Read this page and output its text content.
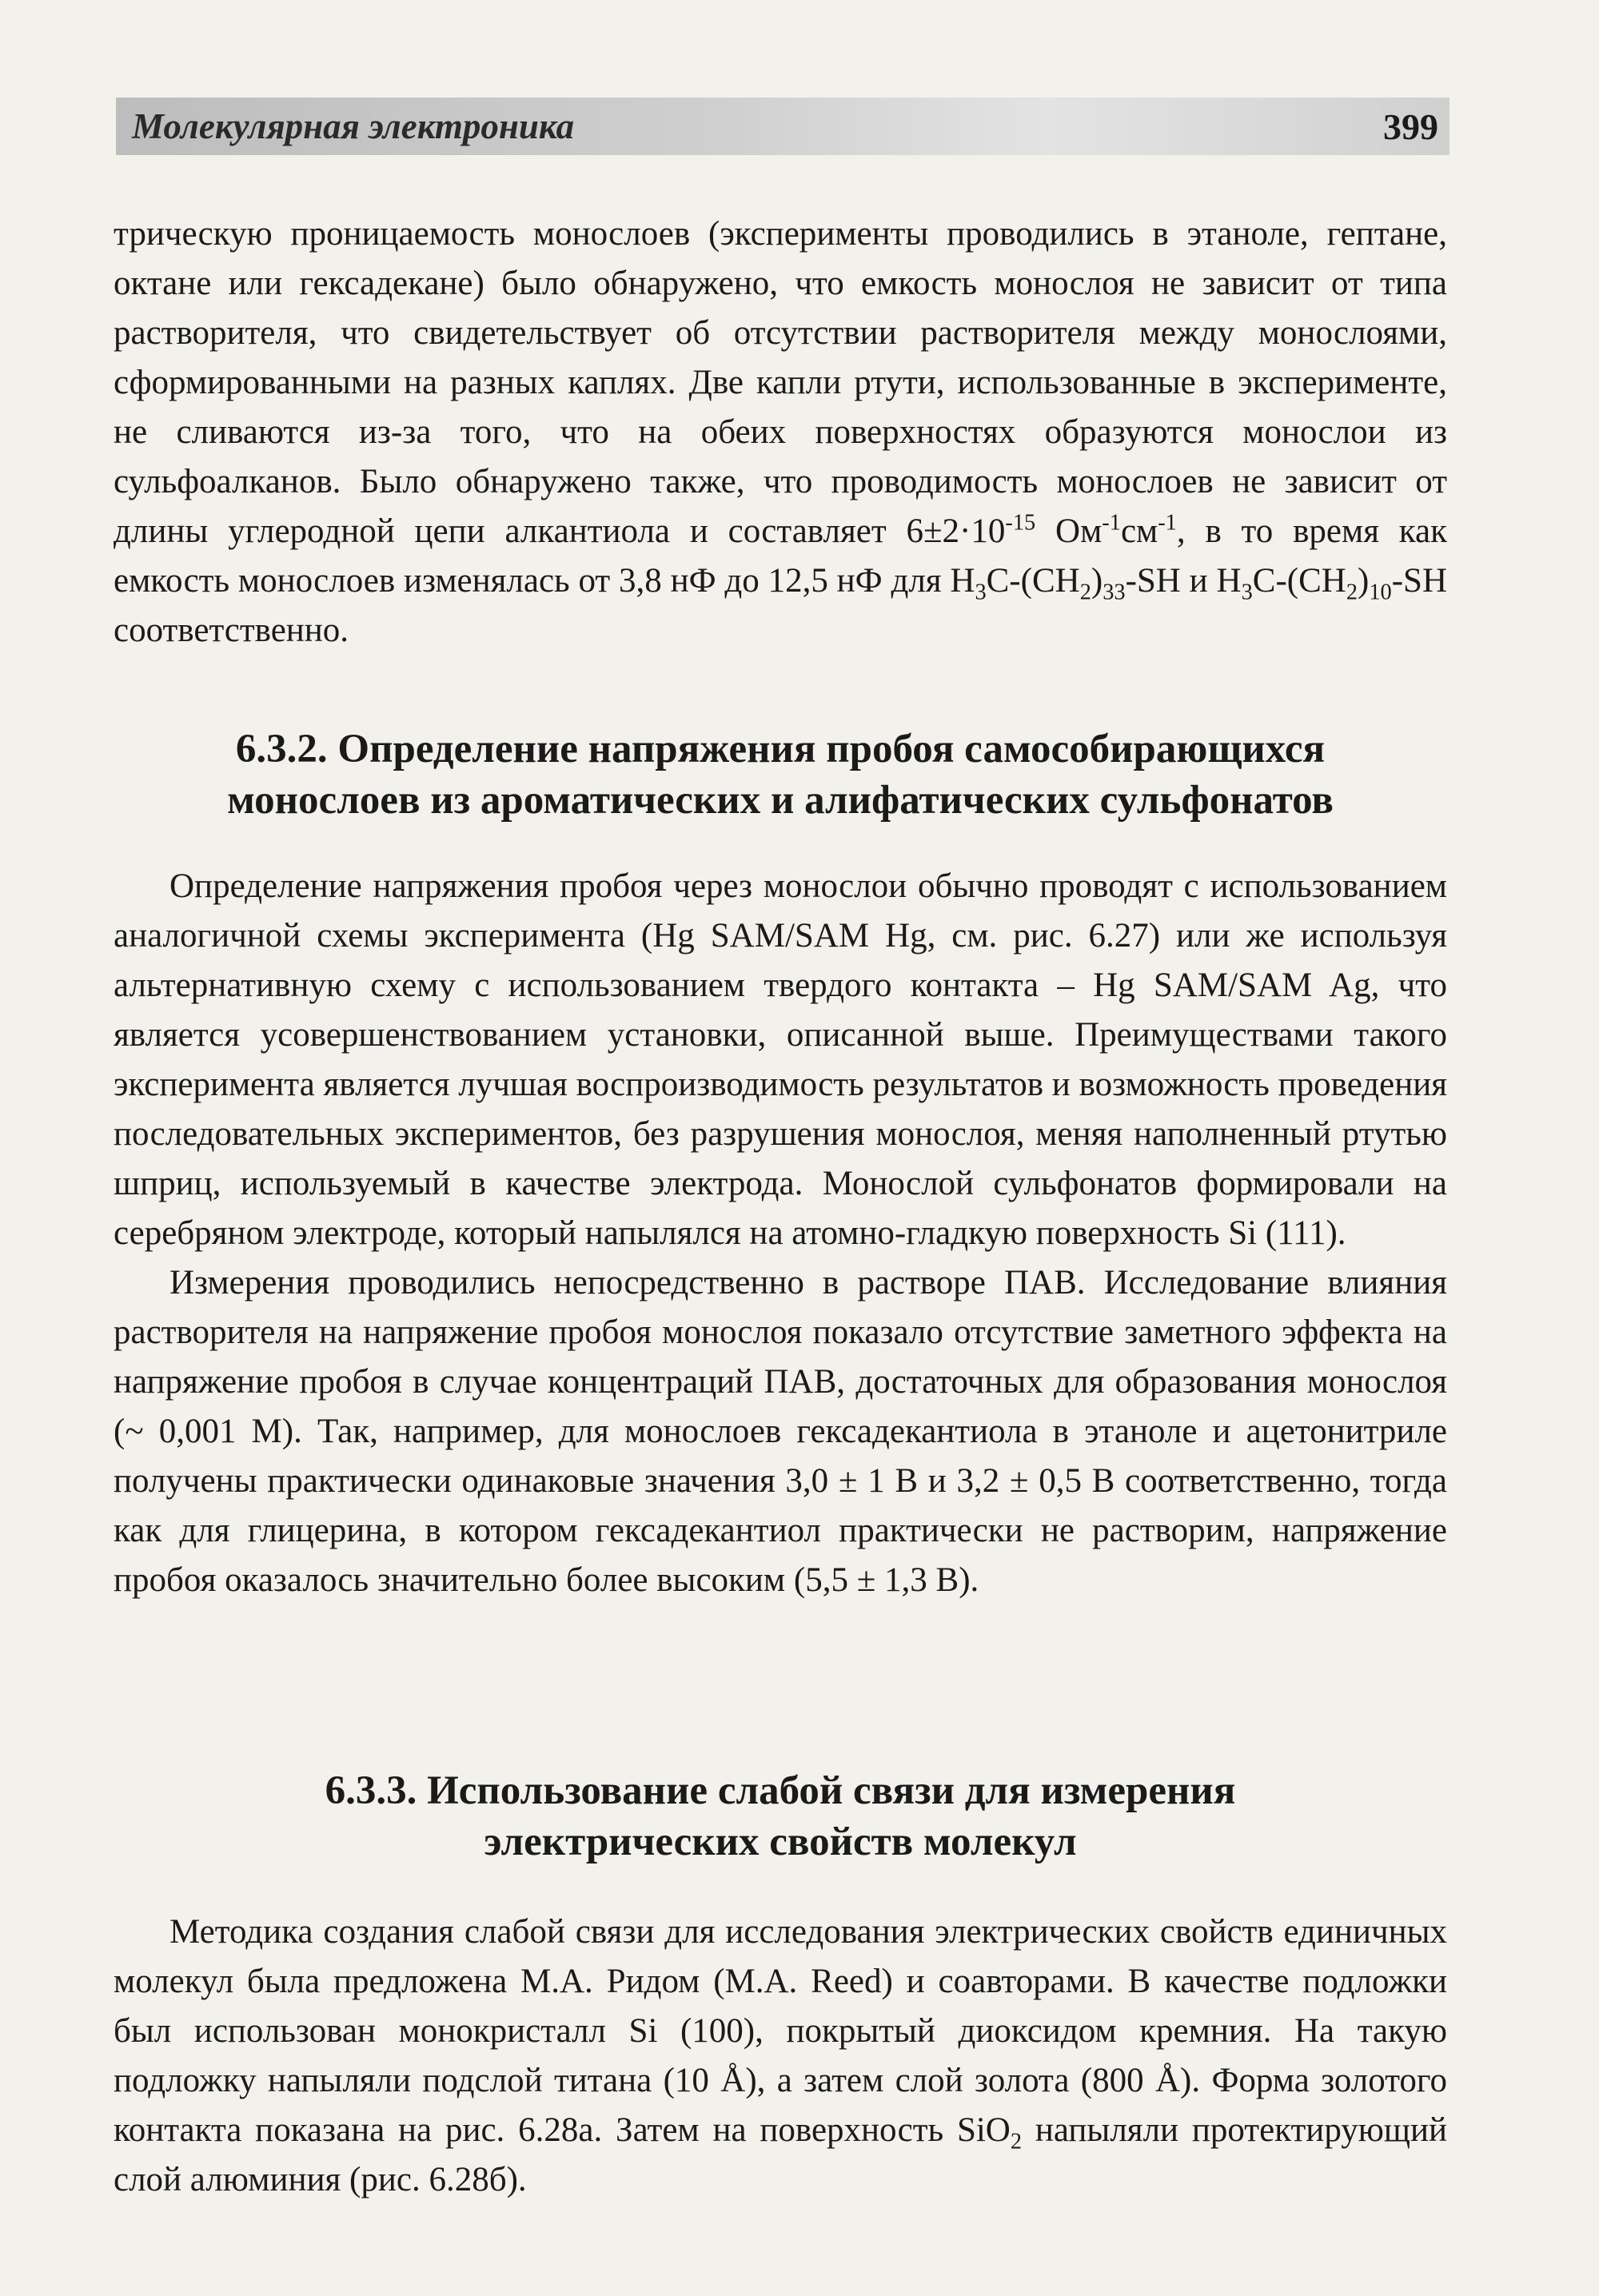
Молекулярная электроника	399

трическую проницаемость монослоев (эксперименты проводились в этаноле, гептане, октане или гексадекане) было обнаружено, что емкость монослоя не зависит от типа растворителя, что свидетельствует об отсутствии растворителя между монослоями, сформированными на разных каплях. Две капли ртути, использованные в эксперименте, не сливаются из-за того, что на обеих поверхностях образуются монослои из сульфоалканов. Было обнаружено также, что проводимость монослоев не зависит от длины углеродной цепи алкантиола и составляет $6\pm 2\cdot 10^{-15}$ $Ом^{-1}см^{-1}$, в то время как емкость монослоев изменялась от 3,8 нФ до 12,5 нФ для $H_3C-(CH_2)_{33}-SH$ и $H_3C-(CH_2)_{10}-SH$ соответственно.

6.3.2. Определение напряжения пробоя самособирающихся
монослоев из ароматических и алифатических сульфонатов

Определение напряжения пробоя через монослои обычно проводят с использованием аналогичной схемы эксперимента (Hg SAM/SAM Hg, см. рис. 6.27) или же используя альтернативную схему с использованием твердого контакта – Hg SAM/SAM Ag, что является усовершенствованием установки, описанной выше. Преимуществами такого эксперимента является лучшая воспроизводимость результатов и возможность проведения последовательных экспериментов, без разрушения монослоя, меняя наполненный ртутью шприц, используемый в качестве электрода. Монослой сульфонатов формировали на серебряном электроде, который напылялся на атомно-гладкую поверхность Si (111).

Измерения проводились непосредственно в растворе ПАВ. Исследование влияния растворителя на напряжение пробоя монослоя показало отсутствие заметного эффекта на напряжение пробоя в случае концентраций ПАВ, достаточных для образования монослоя (~ 0,001 М). Так, например, для монослоев гексадекантиола в этаноле и ацетонитриле получены практически одинаковые значения 3,0 ± 1 В и 3,2 ± 0,5 В соответственно, тогда как для глицерина, в котором гексадекантиол практически не растворим, напряжение пробоя оказалось значительно более высоким (5,5 ± 1,3 В).

6.3.3. Использование слабой связи для измерения
электрических свойств молекул

Методика создания слабой связи для исследования электрических свойств единичных молекул была предложена М.А. Ридом (M.A. Reed) и соавторами. В качестве подложки был использован монокристалл Si (100), покрытый диоксидом кремния. На такую подложку напыляли подслой титана (10 Å), а затем слой золота (800 Å). Форма золотого контакта показана на рис. 6.28а. Затем на поверхность SiO$_2$ напыляли протектирующий слой алюминия (рис. 6.28б).
